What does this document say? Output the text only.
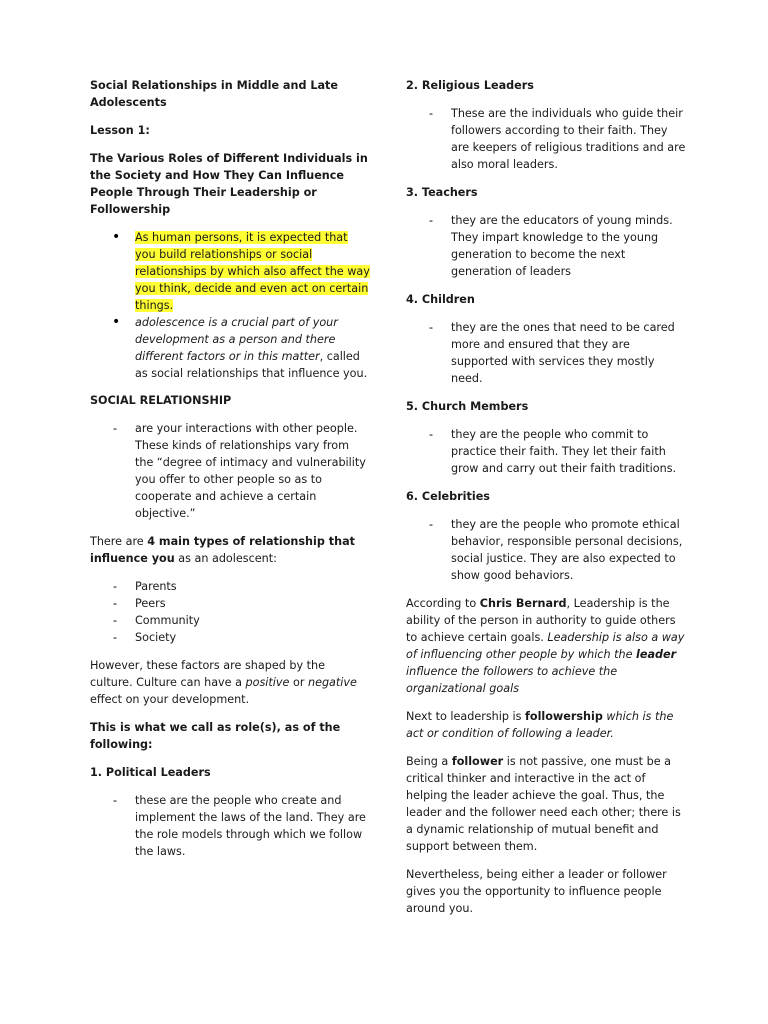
Social Relationships in Middle and Late Adolescents

Lesson 1:

The Various Roles of Different Individuals in the Society and How They Can Influence People Through Their Leadership or Followership

• As human persons, it is expected that you build relationships or social relationships by which also affect the way you think, decide and even act on certain things.
• adolescence is a crucial part of your development as a person and there different factors or in this matter, called as social relationships that influence you.

SOCIAL RELATIONSHIP

- are your interactions with other people. These kinds of relationships vary from the “degree of intimacy and vulnerability you offer to other people so as to cooperate and achieve a certain objective.”

There are 4 main types of relationship that influence you as an adolescent:

- Parents
- Peers
- Community
- Society

However, these factors are shaped by the culture. Culture can have a positive or negative effect on your development.

This is what we call as role(s), as of the following:

1. Political Leaders

- these are the people who create and implement the laws of the land. They are the role models through which we follow the laws.

2. Religious Leaders

- These are the individuals who guide their followers according to their faith. They are keepers of religious traditions and are also moral leaders.

3. Teachers

- they are the educators of young minds. They impart knowledge to the young generation to become the next generation of leaders

4. Children

- they are the ones that need to be cared more and ensured that they are supported with services they mostly need.

5. Church Members

- they are the people who commit to practice their faith. They let their faith grow and carry out their faith traditions.

6. Celebrities

- they are the people who promote ethical behavior, responsible personal decisions, social justice. They are also expected to show good behaviors.

According to Chris Bernard, Leadership is the ability of the person in authority to guide others to achieve certain goals. Leadership is also a way of influencing other people by which the leader influence the followers to achieve the organizational goals

Next to leadership is followership which is the act or condition of following a leader.

Being a follower is not passive, one must be a critical thinker and interactive in the act of helping the leader achieve the goal. Thus, the leader and the follower need each other; there is a dynamic relationship of mutual benefit and support between them.

Nevertheless, being either a leader or follower gives you the opportunity to influence people around you.
